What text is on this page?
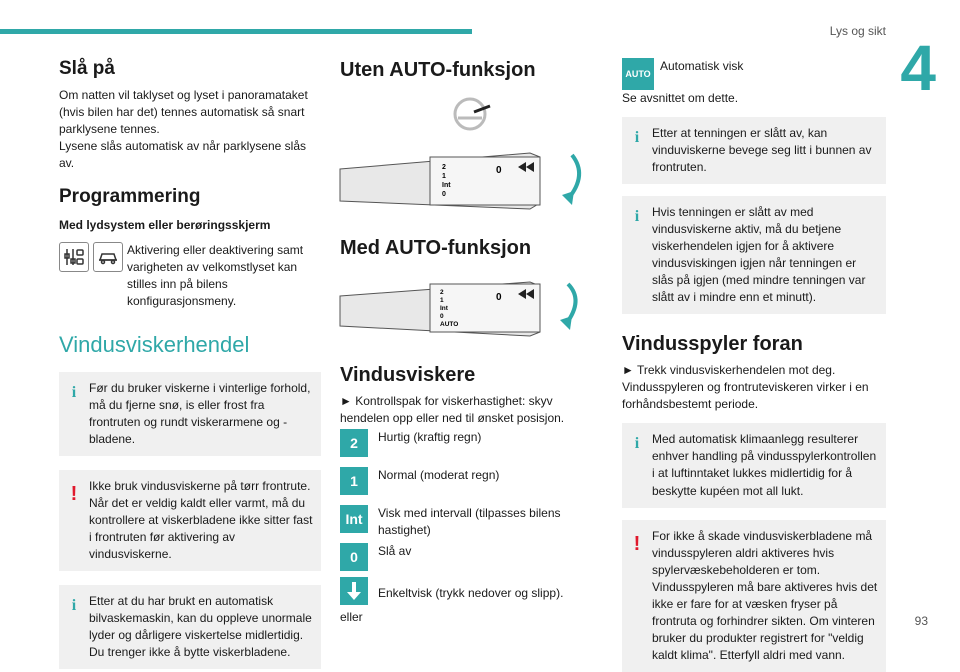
Lys og sikt
4
93
Slå på

Om natten vil taklyset og lyset i panoramataket (hvis bilen har det) tennes automatisk så snart parklysene tennes.

Lysene slås automatisk av når parklysene slås av.

Programmering

Med lydsystem eller berøringsskjerm

Aktivering eller deaktivering samt varigheten av velkomstlyset kan stilles inn på bilens konfigurasjonsmeny.

Vindusviskerhendel
i	Før du bruker viskerne i vinterlige forhold, må du fjerne snø, is eller frost fra frontruten og rundt viskerarmene og -bladene.
! Ikke bruk vindusviskerne på tørr frontrute. Når det er veldig kaldt eller varmt, må du kontrollere at viskerbladene ikke sitter fast i frontruten før aktivering av vindusviskerne.
i	Etter at du har brukt en automatisk bilvaskemaskin, kan du oppleve unormale lyder og dårligere viskertelse midlertidig. Du trenger ikke å bytte viskerbladene.
Uten AUTO-funksjon
2
1
Int
0
0
Med AUTO-funksjon
2
1
Int
0
AUTO
0
Vindusviskere

► Kontrollspak for viskerhastighet: skyv hendelen opp eller ned til ønsket posisjon.

2	Hurtig (kraftig regn)
1	Normal (moderat regn)
Int	Visk med intervall (tilpasses bilens hastighet)
0	Slå av
Enkeltvisk (trykk nedover og slipp).

eller

AUTO

Automatisk visk

Se avsnittet om dette.

i	Etter at tenningen er slått av, kan vinduviskerne bevege seg litt i bunnen av frontruten.
i	Hvis tenningen er slått av med vindusviskerne aktiv, må du betjene viskerhendelen igjen for å aktivere vindusviskingen igjen når tenningen er slås på igjen (med mindre tenningen var slått av i mindre enn et minutt).
Vindusspyler foran

► Trekk vindusviskerhendelen mot deg. Vindusspyleren og frontruteviskeren virker i en forhåndsbestemt periode.

i	Med automatisk klimaanlegg resulterer enhver handling på vindusspylerkontrollen i at luftinntaket lukkes midlertidig for å beskytte kupéen mot all lukt.
! For ikke å skade vindusviskerbladene må vindusspyleren aldri aktiveres hvis spylervæskebeholderen er tom. Vindusspyleren må bare aktiveres hvis det ikke er fare for at væsken fryser på frontruta og forhindrer sikten. Om vinteren bruker du produkter registrert for "veldig kaldt klima". Etterfyll aldri med vann.
